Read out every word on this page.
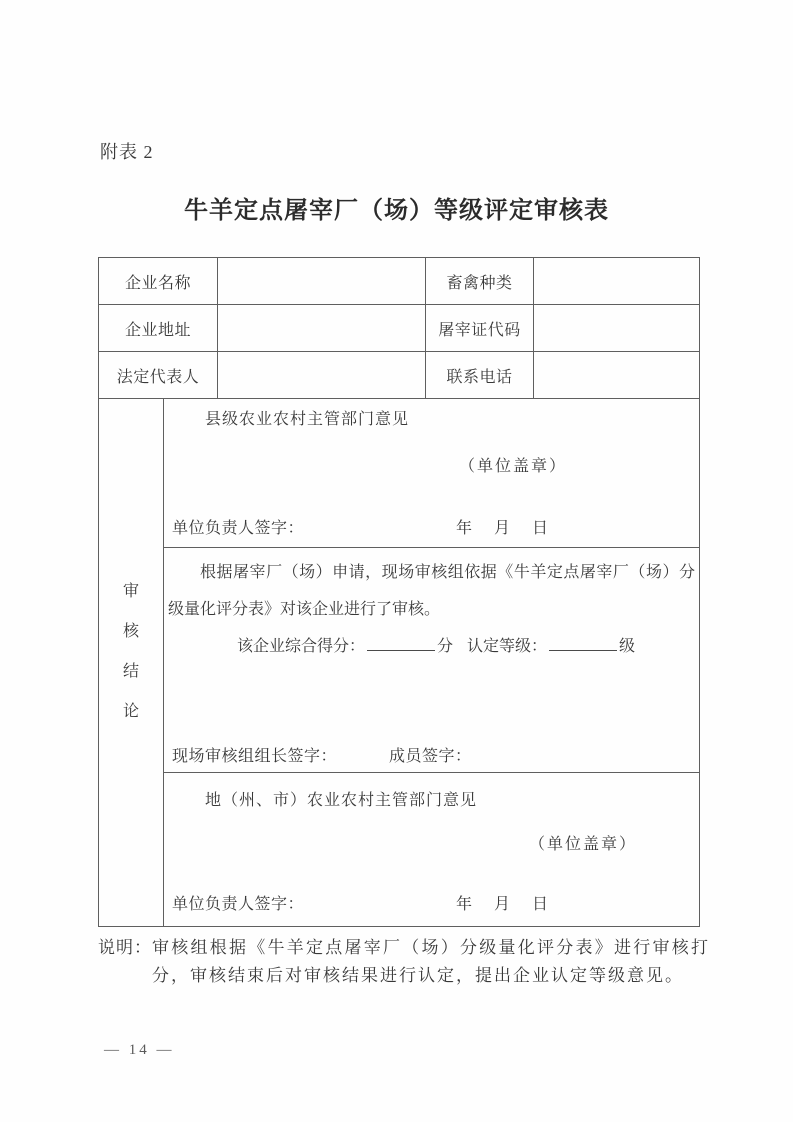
附表 2
牛羊定点屠宰厂（场）等级评定审核表
企业名称	畜禽种类
企业地址	屠宰证代码
法定代表人	联系电话
审
核
结
论
县级农业农村主管部门意见
（单位盖章）
单位负责人签字：	年　月　日
根据屠宰厂（场）申请，现场审核组依据《牛羊定点屠宰厂（场）分级量化评分表》对该企业进行了审核。
该企业综合得分：	分 认定等级：	级
现场审核组组长签字：	成员签字：
地（州、市）农业农村主管部门意见
（单位盖章）
单位负责人签字：	年　月　日
说明： 审核组根据《牛羊定点屠宰厂（场）分级量化评分表》进行审核打分，审核结束后对审核结果进行认定，提出企业认定等级意见。
— 14 —
